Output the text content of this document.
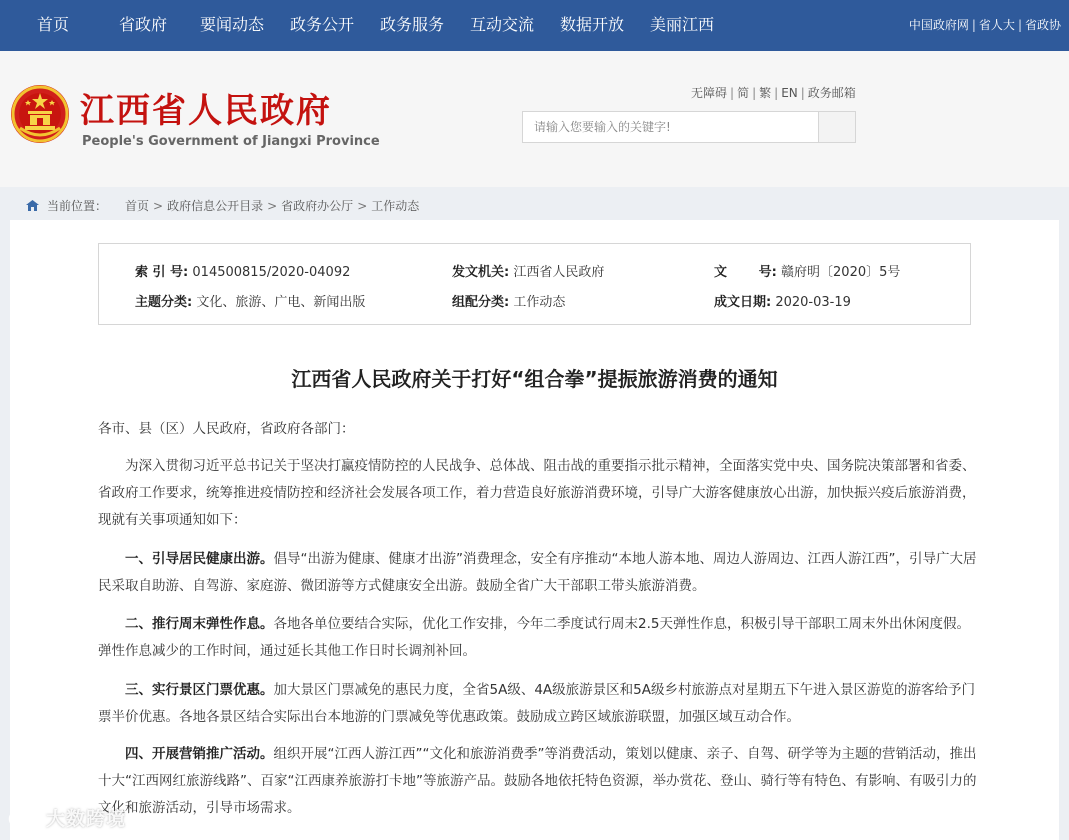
首页	省政府 要闻动态 政务公开 政务服务 互动交流 数据开放 美丽江西	中国政府网 | 省人大 | 省政协
江西省人民政府
People's Government of Jiangxi Province
无障碍 | 简 | 繁 | EN | 政务邮箱
请输入您要输入的关键字!
当前位置： 首页 > 政府信息公开目录 > 省政府办公厅 > 工作动态
索 引 号: 014500815/2020-04092	发文机关: 江西省人民政府	文       号: 赣府明〔2020〕5号
主题分类: 文化、旅游、广电、新闻出版	组配分类: 工作动态	成文日期: 2020-03-19
江西省人民政府关于打好“组合拳”提振旅游消费的通知
各市、县（区）人民政府，省政府各部门：
为深入贯彻习近平总书记关于坚决打赢疫情防控的人民战争、总体战、阻击战的重要指示批示精神，全面落实党中央、国务院决策部署和省委、省政府工作要求，统筹推进疫情防控和经济社会发展各项工作，着力营造良好旅游消费环境，引导广大游客健康放心出游，加快振兴疫后旅游消费，现就有关事项通知如下：
一、引导居民健康出游。倡导“出游为健康、健康才出游”消费理念，安全有序推动“本地人游本地、周边人游周边、江西人游江西”，引导广大居民采取自助游、自驾游、家庭游、微团游等方式健康安全出游。鼓励全省广大干部职工带头旅游消费。
二、推行周末弹性作息。各地各单位要结合实际，优化工作安排，今年二季度试行周末2.5天弹性作息，积极引导干部职工周末外出休闲度假。弹性作息减少的工作时间，通过延长其他工作日时长调剂补回。
三、实行景区门票优惠。加大景区门票减免的惠民力度，全省5A级、4A级旅游景区和5A级乡村旅游点对星期五下午进入景区游览的游客给予门票半价优惠。各地各景区结合实际出台本地游的门票减免等优惠政策。鼓励成立跨区域旅游联盟，加强区域互动合作。
四、开展营销推广活动。组织开展“江西人游江西”“文化和旅游消费季”等消费活动，策划以健康、亲子、自驾、研学等为主题的营销活动，推出十大“江西网红旅游线路”、百家“江西康养旅游打卡地”等旅游产品。鼓励各地依托特色资源，举办赏花、登山、骑行等有特色、有影响、有吸引力的文化和旅游活动，引导市场需求。
大数跨境
